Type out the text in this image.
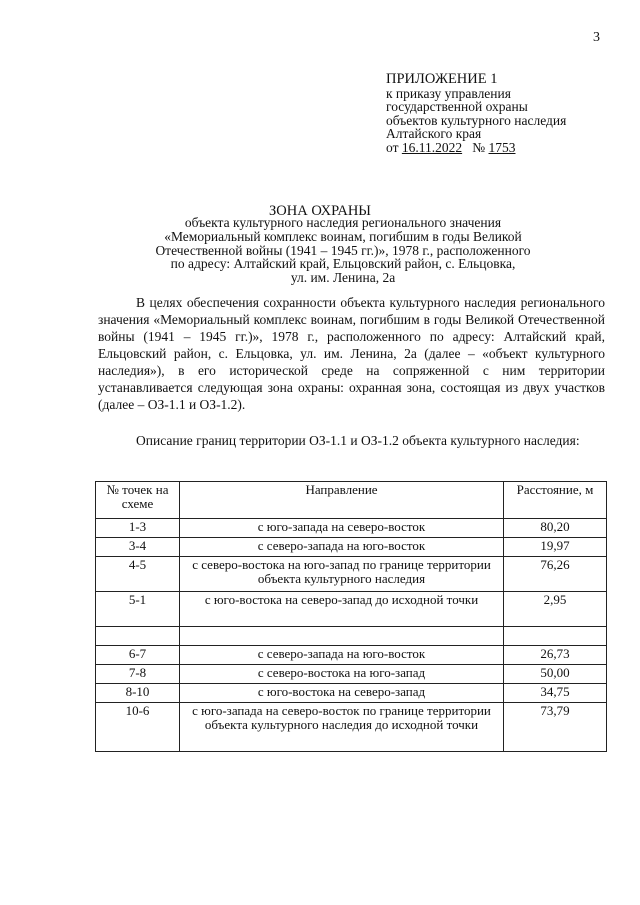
3
ПРИЛОЖЕНИЕ 1
к приказу управления
государственной охраны
объектов культурного наследия
Алтайского края
от 16.11.2022 № 1753
ЗОНА ОХРАНЫ
объекта культурного наследия регионального значения
«Мемориальный комплекс воинам, погибшим в годы Великой
Отечественной войны (1941 – 1945 гг.)», 1978 г., расположенного
по адресу: Алтайский край, Ельцовский район, с. Ельцовка,
ул. им. Ленина, 2а

В целях обеспечения сохранности объекта культурного наследия регионального значения «Мемориальный комплекс воинам, погибшим в годы Великой Отечественной войны (1941 – 1945 гг.)», 1978 г., расположенного по адресу: Алтайский край, Ельцовский район, с. Ельцовка, ул. им. Ленина, 2а (далее – «объект культурного наследия»), в его исторической среде на сопряженной с ним территории устанавливается следующая зона охраны: охранная зона, состоящая из двух участков (далее – ОЗ-1.1 и ОЗ-1.2).

Описание границ территории ОЗ-1.1 и ОЗ-1.2 объекта культурного наследия:

№ точек на схеме	Направление	Расстояние, м
1-3	с юго-запада на северо-восток	80,20
3-4	с северо-запада на юго-восток	19,97
4-5	с северо-востока на юго-запад по границе территории объекта культурного наследия	76,26
5-1	с юго-востока на северо-запад до исходной точки	2,95

6-7	с северо-запада на юго-восток	26,73
7-8	с северо-востока на юго-запад	50,00
8-10	с юго-востока на северо-запад	34,75
10-6	с юго-запада на северо-восток по границе территории объекта культурного наследия до исходной точки	73,79
